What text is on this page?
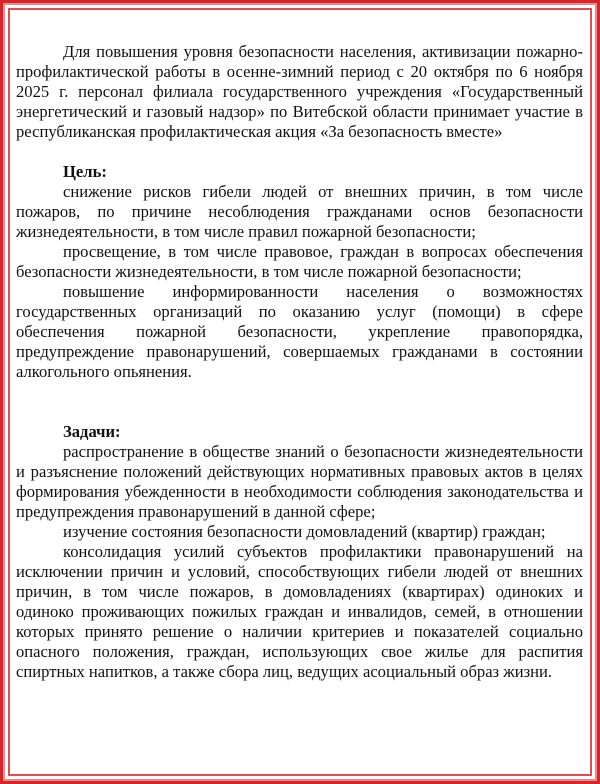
Для повышения уровня безопасности населения, активизации пожарно-профилактической работы в осенне-зимний период с 20 октября по 6 ноября 2025 г. персонал филиала государственного учреждения «Государственный энергетический и газовый надзор» по Витебской области принимает участие в республиканская профилактическая акция «За безопасность вместе»

Цель:

снижение рисков гибели людей от внешних причин, в том числе пожаров, по причине несоблюдения гражданами основ безопасности жизнедеятельности, в том числе правил пожарной безопасности;

просвещение, в том числе правовое, граждан в вопросах обеспечения безопасности жизнедеятельности, в том числе пожарной безопасности;

повышение информированности населения о возможностях государственных организаций по оказанию услуг (помощи) в сфере обеспечения пожарной безопасности, укрепление правопорядка, предупреждение правонарушений, совершаемых гражданами в состоянии алкогольного опьянения.

Задачи:

распространение в обществе знаний о безопасности жизнедеятельности и разъяснение положений действующих нормативных правовых актов в целях формирования убежденности в необходимости соблюдения законодательства и предупреждения правонарушений в данной сфере;

изучение состояния безопасности домовладений (квартир) граждан;

консолидация усилий субъектов профилактики правонарушений на исключении причин и условий, способствующих гибели людей от внешних причин, в том числе пожаров, в домовладениях (квартирах) одиноких и одиноко проживающих пожилых граждан и инвалидов, семей, в отношении которых принято решение о наличии критериев и показателей социально опасного положения, граждан, использующих свое жилье для распития спиртных напитков, а также сбора лиц, ведущих асоциальный образ жизни.
